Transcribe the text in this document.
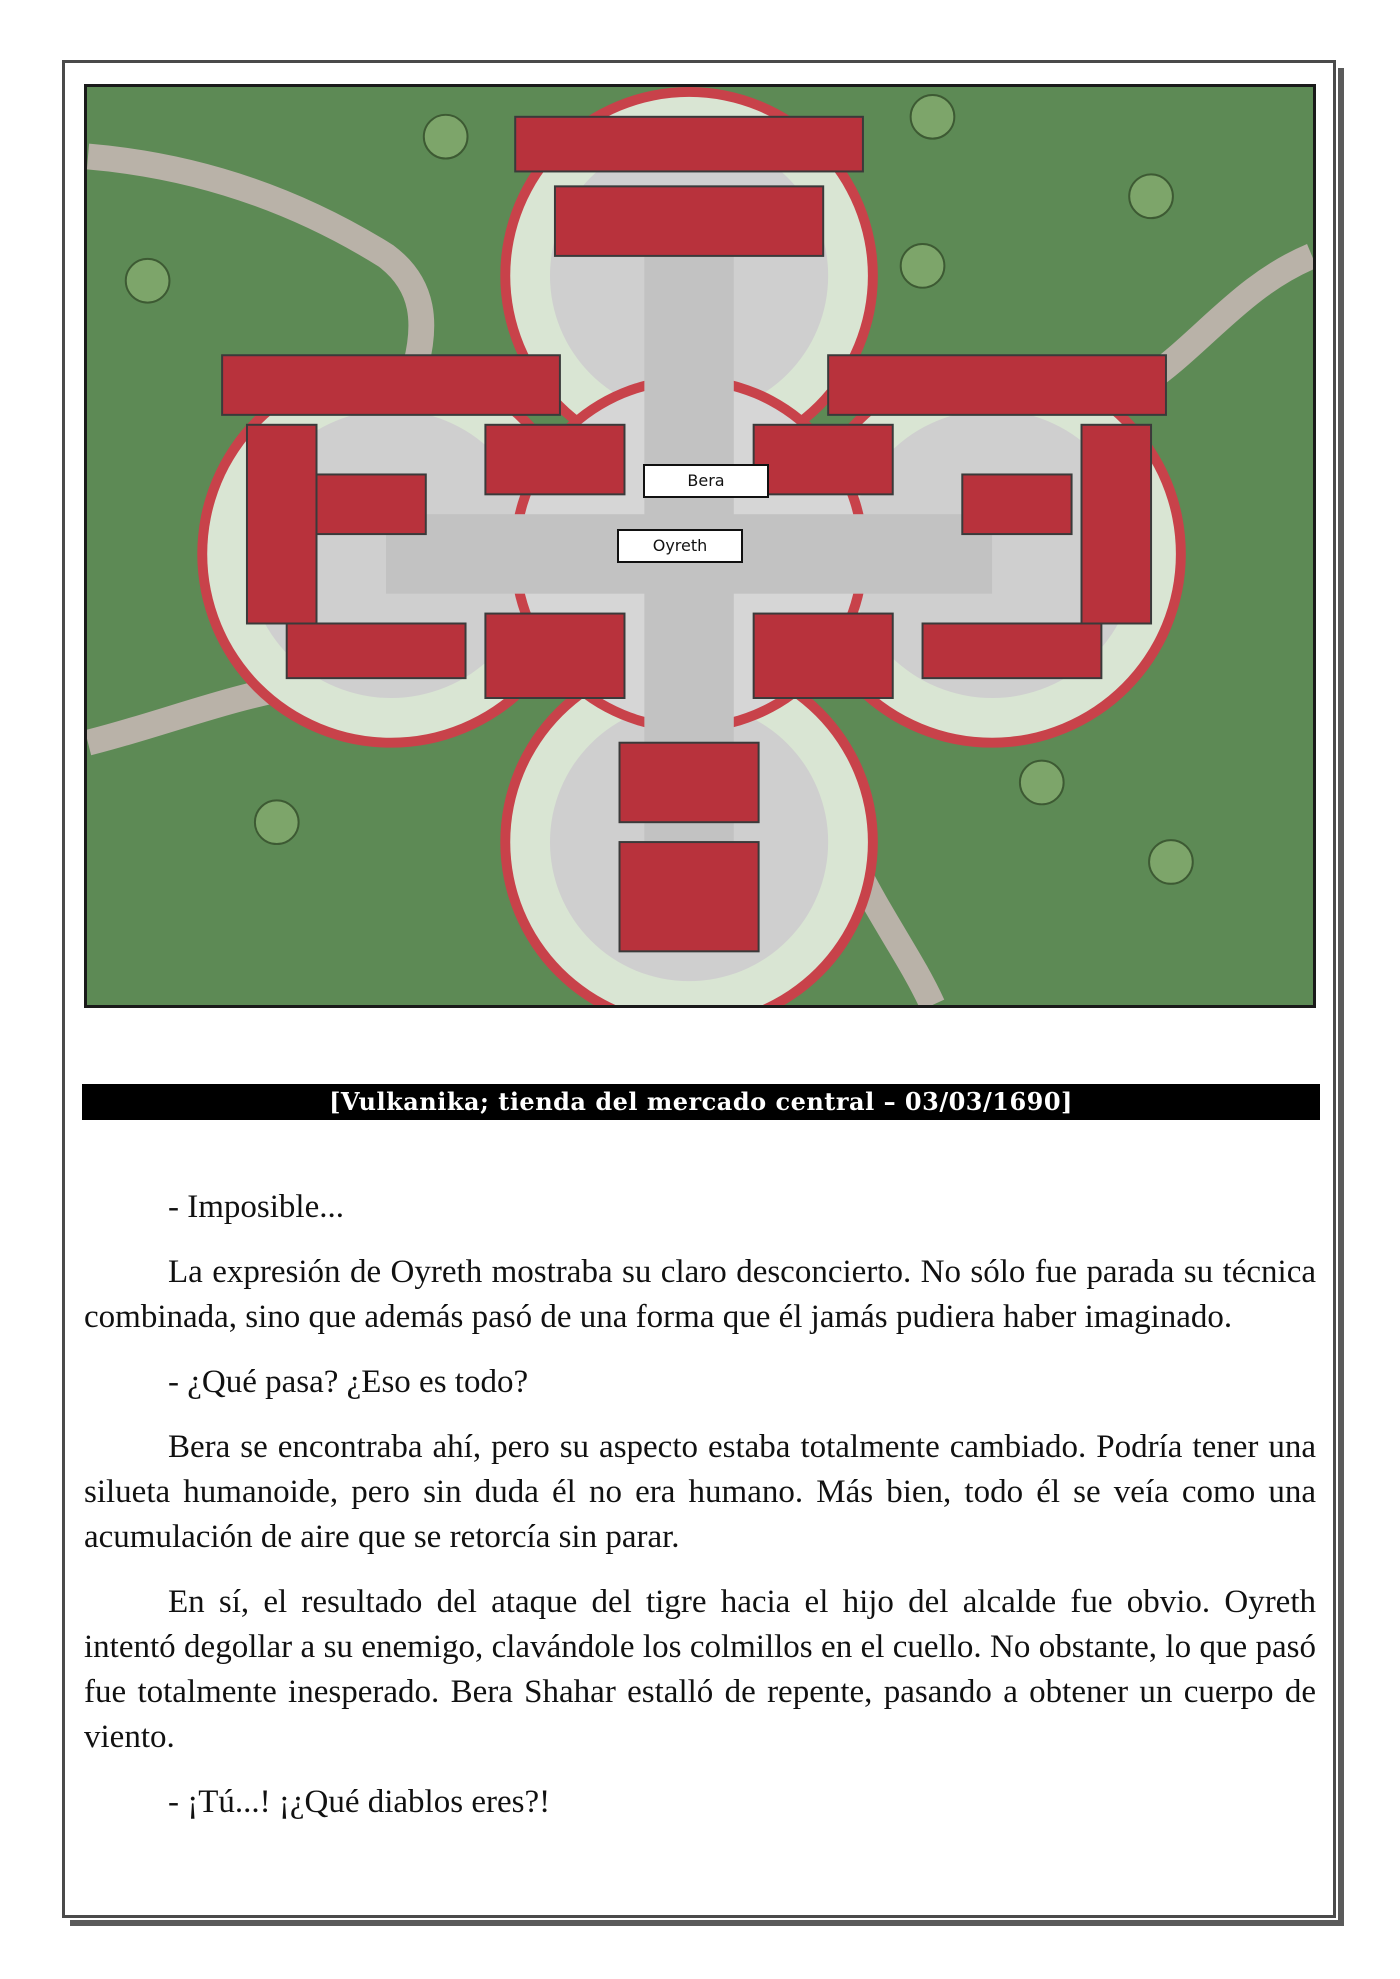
Bera
Oyreth
[Vulkanika; tienda del mercado central – 03/03/1690]

- Imposible...

La expresión de Oyreth mostraba su claro desconcierto. No sólo fue parada su técnica combinada, sino que además pasó de una forma que él jamás pudiera haber imaginado.

- ¿Qué pasa? ¿Eso es todo?

Bera se encontraba ahí, pero su aspecto estaba totalmente cambiado. Podría tener una silueta humanoide, pero sin duda él no era humano. Más bien, todo él se veía como una acumulación de aire que se retorcía sin parar.

En sí, el resultado del ataque del tigre hacia el hijo del alcalde fue obvio. Oyreth intentó degollar a su enemigo, clavándole los colmillos en el cuello. No obstante, lo que pasó fue totalmente inesperado. Bera Shahar estalló de repente, pasando a obtener un cuerpo de viento.

- ¡Tú...! ¡¿Qué diablos eres?!
